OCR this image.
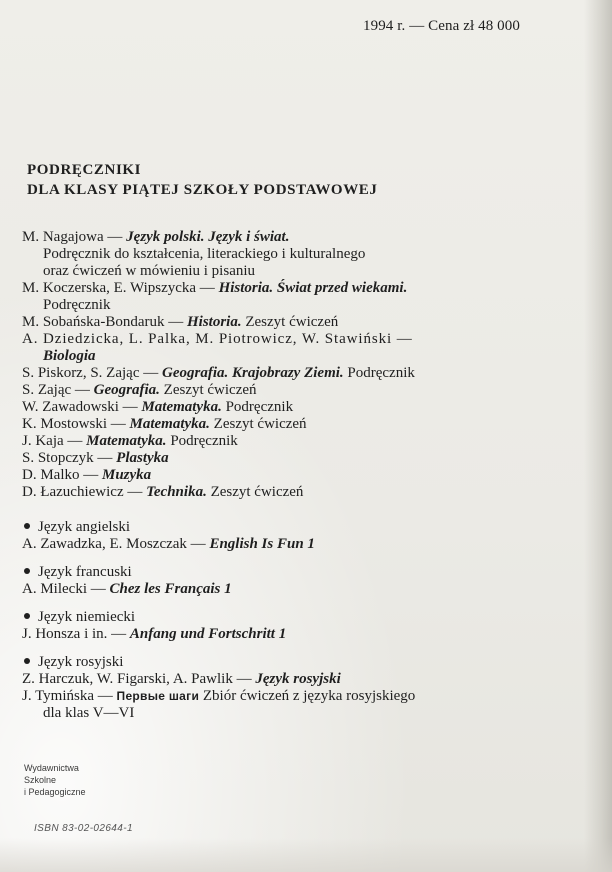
1994 r. — Cena zł 48 000
PODRĘCZNIKI
DLA KLASY PIĄTEJ SZKOŁY PODSTAWOWEJ
M. Nagajowa — Język polski. Język i świat.
Podręcznik do kształcenia, literackiego i kulturalnego
oraz ćwiczeń w mówieniu i pisaniu
M. Koczerska, E. Wipszycka — Historia. Świat przed wiekami.
Podręcznik
M. Sobańska-Bondaruk — Historia. Zeszyt ćwiczeń
A. Dziedzicka, L. Palka, M. Piotrowicz, W. Stawiński —
Biologia
S. Piskorz, S. Zając — Geografia. Krajobrazy Ziemi. Podręcznik
S. Zając — Geografia. Zeszyt ćwiczeń
W. Zawadowski — Matematyka. Podręcznik
K. Mostowski — Matematyka. Zeszyt ćwiczeń
J. Kaja — Matematyka. Podręcznik
S. Stopczyk — Plastyka
D. Malko — Muzyka
D. Łazuchiewicz — Technika. Zeszyt ćwiczeń
Język angielski
A. Zawadzka, E. Moszczak — English Is Fun 1
Język francuski
A. Milecki — Chez les Français 1
Język niemiecki
J. Honsza i in. — Anfang und Fortschritt 1
Język rosyjski
Z. Harczuk, W. Figarski, A. Pawlik — Język rosyjski
J. Tymińska — Первые шаги Zbiór ćwiczeń z języka rosyjskiego
dla klas V—VI
Wydawnictwa
Szkolne
i Pedagogiczne
ISBN 83-02-02644-1
